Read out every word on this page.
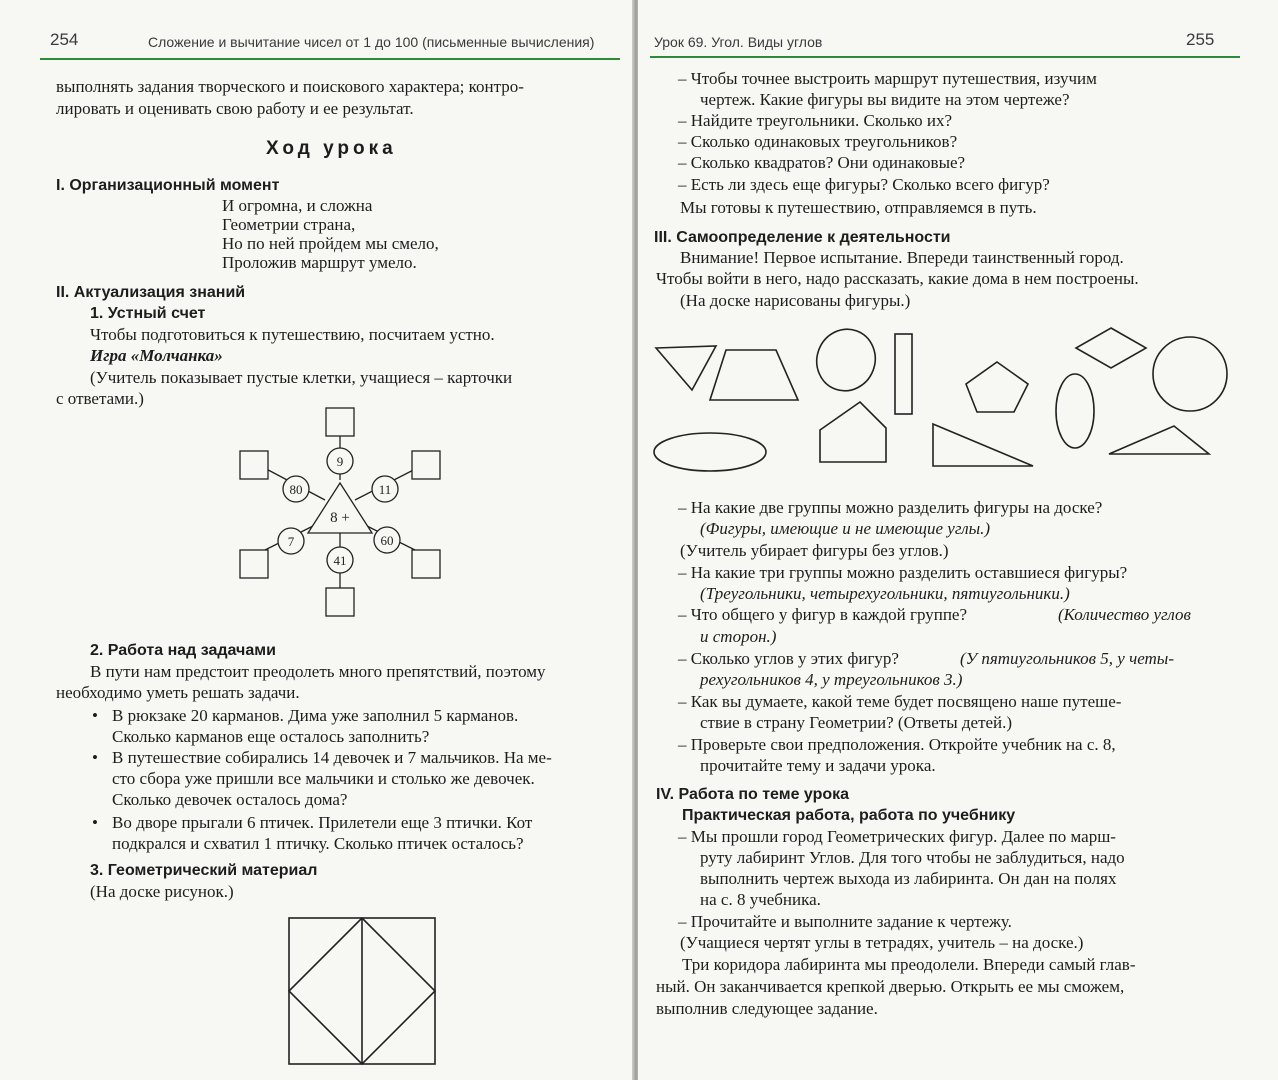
254	Сложение и вычитание чисел от 1 до 100 (письменные вычисления)
выполнять задания творческого и поискового характера; контро-
лировать и оценивать свою работу и ее результат.
Ход урока
I. Организационный момент
И огромна, и сложна
Геометрии страна,
Но по ней пройдем мы смело,
Проложив маршрут умело.
II. Актуализация знаний
1. Устный счет
Чтобы подготовиться к путешествию, посчитаем устно.
Игра «Молчанка»
(Учитель показывает пустые клетки, учащиеся – карточки
с ответами.)
9
11
60
41
7
80
8 +
2. Работа над задачами
В пути нам предстоит преодолеть много препятствий, поэтому
необходимо уметь решать задачи.
• В рюкзаке 20 карманов. Дима уже заполнил 5 карманов.
Сколько карманов еще осталось заполнить?
• В путешествие собирались 14 девочек и 7 мальчиков. На ме-
сто сбора уже пришли все мальчики и столько же девочек.
Сколько девочек осталось дома?
• Во дворе прыгали 6 птичек. Прилетели еще 3 птички. Кот
подкрался и схватил 1 птичку. Сколько птичек осталось?
3. Геометрический материал
(На доске рисунок.)
Урок 69. Угол. Виды углов	255
– Чтобы точнее выстроить маршрут путешествия, изучим
чертеж. Какие фигуры вы видите на этом чертеже?
– Найдите треугольники. Сколько их?
– Сколько одинаковых треугольников?
– Сколько квадратов? Они одинаковые?
– Есть ли здесь еще фигуры? Сколько всего фигур?
Мы готовы к путешествию, отправляемся в путь.
III. Самоопределение к деятельности
Внимание! Первое испытание. Впереди таинственный город.
Чтобы войти в него, надо рассказать, какие дома в нем построены.
(На доске нарисованы фигуры.)
– На какие две группы можно разделить фигуры на доске?
(Фигуры, имеющие и не имеющие углы.)
(Учитель убирает фигуры без углов.)
– На какие три группы можно разделить оставшиеся фигуры?
(Треугольники, четырехугольники, пятиугольники.)
– Что общего у фигур в каждой группе?	(Количество углов
и сторон.)
– Сколько углов у этих фигур?	(У пятиугольников 5, у четы-
рехугольников 4, у треугольников 3.)
– Как вы думаете, какой теме будет посвящено наше путеше-
ствие в страну Геометрии? (Ответы детей.)
– Проверьте свои предположения. Откройте учебник на с. 8,
прочитайте тему и задачи урока.
IV. Работа по теме урока
Практическая работа, работа по учебнику
– Мы прошли город Геометрических фигур. Далее по марш-
руту лабиринт Углов. Для того чтобы не заблудиться, надо
выполнить чертеж выхода из лабиринта. Он дан на полях
на с. 8 учебника.
– Прочитайте и выполните задание к чертежу.
(Учащиеся чертят углы в тетрадях, учитель – на доске.)
Три коридора лабиринта мы преодолели. Впереди самый глав-
ный. Он заканчивается крепкой дверью. Открыть ее мы сможем,
выполнив следующее задание.
